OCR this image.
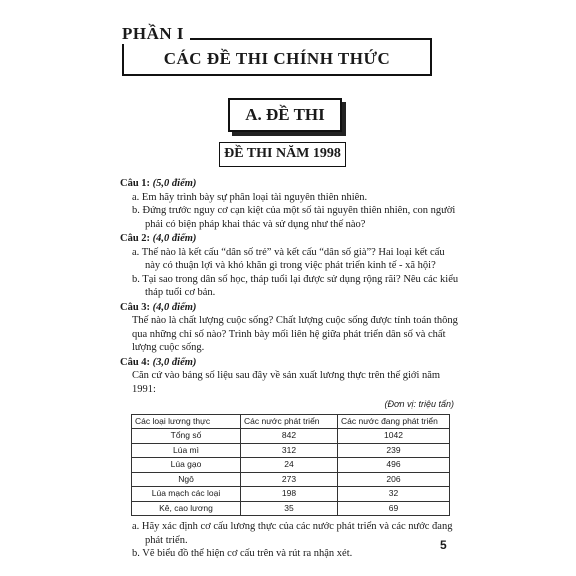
CÁC ĐỀ THI CHÍNH THỨC
PHẦN I
A. ĐỀ THI
ĐỀ THI NĂM 1998
Câu 1: (5,0 điểm)
a. Em hãy trình bày sự phân loại tài nguyên thiên nhiên.
b. Đứng trước nguy cơ cạn kiệt của một số tài nguyên thiên nhiên, con người phải có biện pháp khai thác và sử dụng như thế nào?
Câu 2: (4,0 điểm)
a. Thế nào là kết cấu “dân số trẻ” và kết cấu “dân số già”? Hai loại kết cấu này có thuận lợi và khó khăn gì trong việc phát triển kinh tế - xã hội?
b. Tại sao trong dân số học, tháp tuổi lại được sử dụng rộng rãi? Nêu các kiểu tháp tuổi cơ bản.
Câu 3: (4,0 điểm)
Thế nào là chất lượng cuộc sống? Chất lượng cuộc sống được tính toán thông qua những chỉ số nào? Trình bày mối liên hệ giữa phát triển dân số và chất lượng cuộc sống.
Câu 4: (3,0 điểm)
Căn cứ vào bảng số liệu sau đây về sản xuất lương thực trên thế giới năm 1991:
(Đơn vị: triệu tấn)
Các loại lương thực	Các nước phát triển	Các nước đang phát triển
Tổng số	842	1042
Lúa mì	312	239
Lúa gạo	24	496
Ngô	273	206
Lúa mạch các loại	198	32
Kê, cao lương	35	69
a. Hãy xác định cơ cấu lương thực của các nước phát triển và các nước đang phát triển.
b. Vẽ biểu đồ thể hiện cơ cấu trên và rút ra nhận xét.
5
